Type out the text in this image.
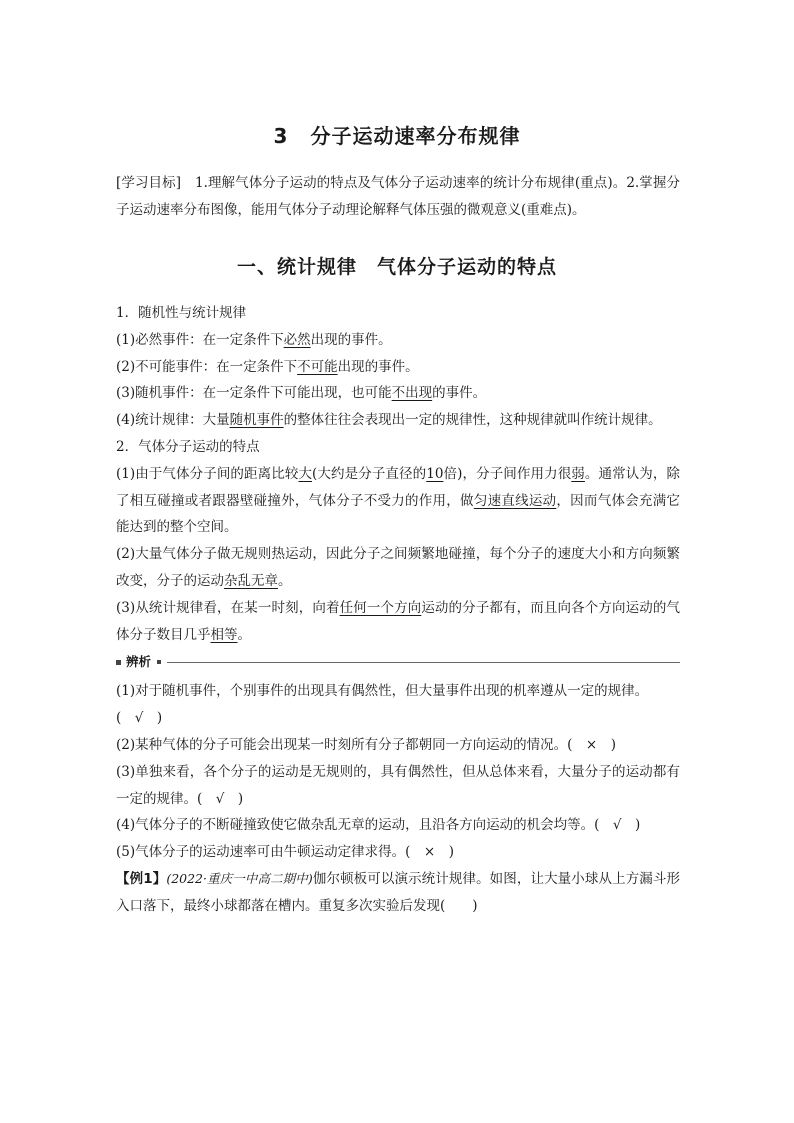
3 分子运动速率分布规律
[学习目标] 1.理解气体分子运动的特点及气体分子运动速率的统计分布规律(重点)。2.掌握分子运动速率分布图像，能用气体分子动理论解释气体压强的微观意义(重难点)。
一、统计规律 气体分子运动的特点

1．随机性与统计规律

(1)必然事件：在一定条件下必然出现的事件。

(2)不可能事件：在一定条件下不可能出现的事件。

(3)随机事件：在一定条件下可能出现，也可能不出现的事件。

(4)统计规律：大量随机事件的整体往往会表现出一定的规律性，这种规律就叫作统计规律。

2．气体分子运动的特点

(1)由于气体分子间的距离比较大(大约是分子直径的10倍)，分子间作用力很弱。通常认为，除了相互碰撞或者跟器壁碰撞外，气体分子不受力的作用，做匀速直线运动，因而气体会充满它能达到的整个空间。

(2)大量气体分子做无规则热运动，因此分子之间频繁地碰撞，每个分子的速度大小和方向频繁改变，分子的运动杂乱无章。

(3)从统计规律看，在某一时刻，向着任何一个方向运动的分子都有，而且向各个方向运动的气体分子数目几乎相等。

辨析

(1)对于随机事件，个别事件的出现具有偶然性，但大量事件出现的机率遵从一定的规律。

(　√　)

(2)某种气体的分子可能会出现某一时刻所有分子都朝同一方向运动的情况。(　×　)

(3)单独来看，各个分子的运动是无规则的，具有偶然性，但从总体来看，大量分子的运动都有一定的规律。(　√　)

(4)气体分子的不断碰撞致使它做杂乱无章的运动，且沿各方向运动的机会均等。(　√　)

(5)气体分子的运动速率可由牛顿运动定律求得。(　×　)

【例1】(2022·重庆一中高二期中)伽尔顿板可以演示统计规律。如图，让大量小球从上方漏斗形入口落下，最终小球都落在槽内。重复多次实验后发现(　　)
